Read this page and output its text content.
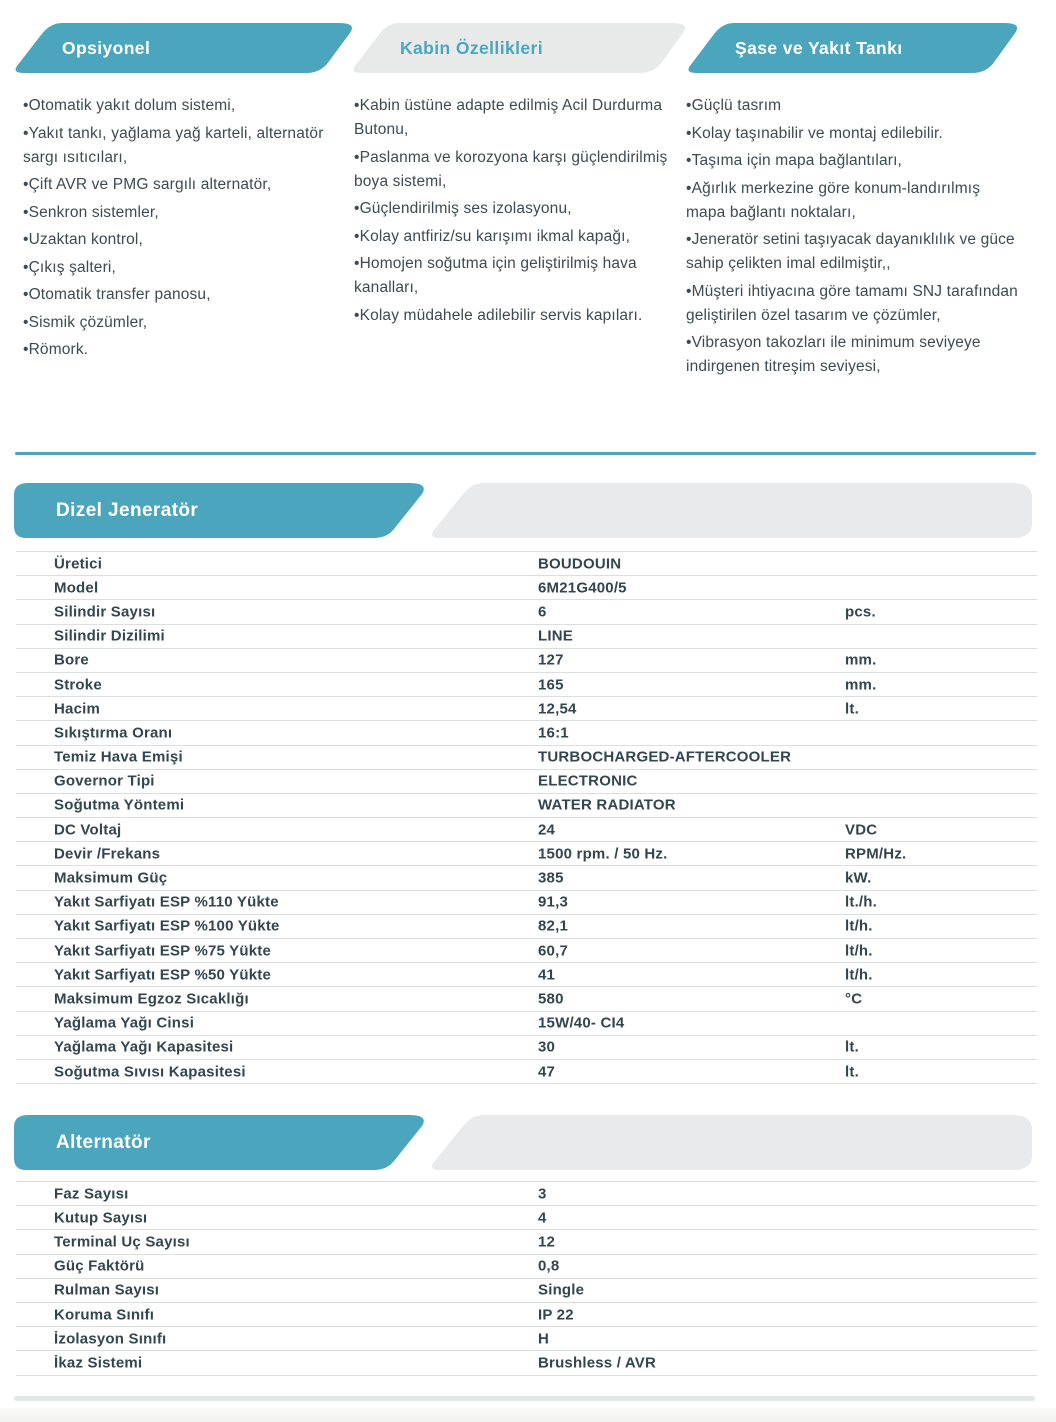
Opsiyonel	Kabin Özellikleri	Şase ve Yakıt Tankı

•Otomatik yakıt dolum sistemi,

•Yakıt tankı, yağlama yağ karteli, alternatör sargı ısıtıcıları,

•Çift AVR ve PMG sargılı alternatör,

•Senkron sistemler,

•Uzaktan kontrol,

•Çıkış şalteri,

•Otomatik transfer panosu,

•Sismik çözümler,

•Römork.

•Kabin üstüne adapte edilmiş Acil Durdurma Butonu,

•Paslanma ve korozyona karşı güçlendirilmiş boya sistemi,

•Güçlendirilmiş ses izolasyonu,

•Kolay antfiriz/su karışımı ikmal kapağı,

•Homojen soğutma için geliştirilmiş hava kanalları,

•Kolay müdahele adilebilir servis kapıları.

•Güçlü tasrım

•Kolay taşınabilir ve montaj edilebilir.

•Taşıma için mapa bağlantıları,

•Ağırlık merkezine göre konum-landırılmış mapa bağlantı noktaları,

•Jeneratör setini taşıyacak dayanıklılık ve güce sahip çelikten imal edilmiştir,,

•Müşteri ihtiyacına göre tamamı SNJ tarafından geliştirilen özel tasarım ve çözümler,

•Vibrasyon takozları ile minimum seviyeye indirgenen titreşim seviyesi,

Dizel Jeneratör
Üretici	BOUDOUIN
Model	6M21G400/5
Silindir Sayısı	6	pcs.
Silindir Dizilimi	LINE
Bore	127	mm.
Stroke	165	mm.
Hacim	12,54	lt.
Sıkıştırma Oranı	16:1
Temiz Hava Emişi	TURBOCHARGED-AFTERCOOLER
Governor Tipi	ELECTRONIC
Soğutma Yöntemi	WATER RADIATOR
DC Voltaj	24	VDC
Devir /Frekans	1500 rpm. / 50 Hz.	RPM/Hz.
Maksimum Güç	385	kW.
Yakıt Sarfiyatı ESP %110 Yükte	91,3	lt./h.
Yakıt Sarfiyatı ESP %100 Yükte	82,1	lt/h.
Yakıt Sarfiyatı ESP %75 Yükte	60,7	lt/h.
Yakıt Sarfiyatı ESP %50 Yükte	41	lt/h.
Maksimum Egzoz Sıcaklığı	580	°C
Yağlama Yağı Cinsi	15W/40- CI4
Yağlama Yağı Kapasitesi	30	lt.
Soğutma Sıvısı Kapasitesi	47	lt.
Alternatör
Faz Sayısı	3
Kutup Sayısı	4
Terminal Uç Sayısı	12
Güç Faktörü	0,8
Rulman Sayısı	Single
Koruma Sınıfı	IP 22
İzolasyon Sınıfı	H
İkaz Sistemi	Brushless / AVR
